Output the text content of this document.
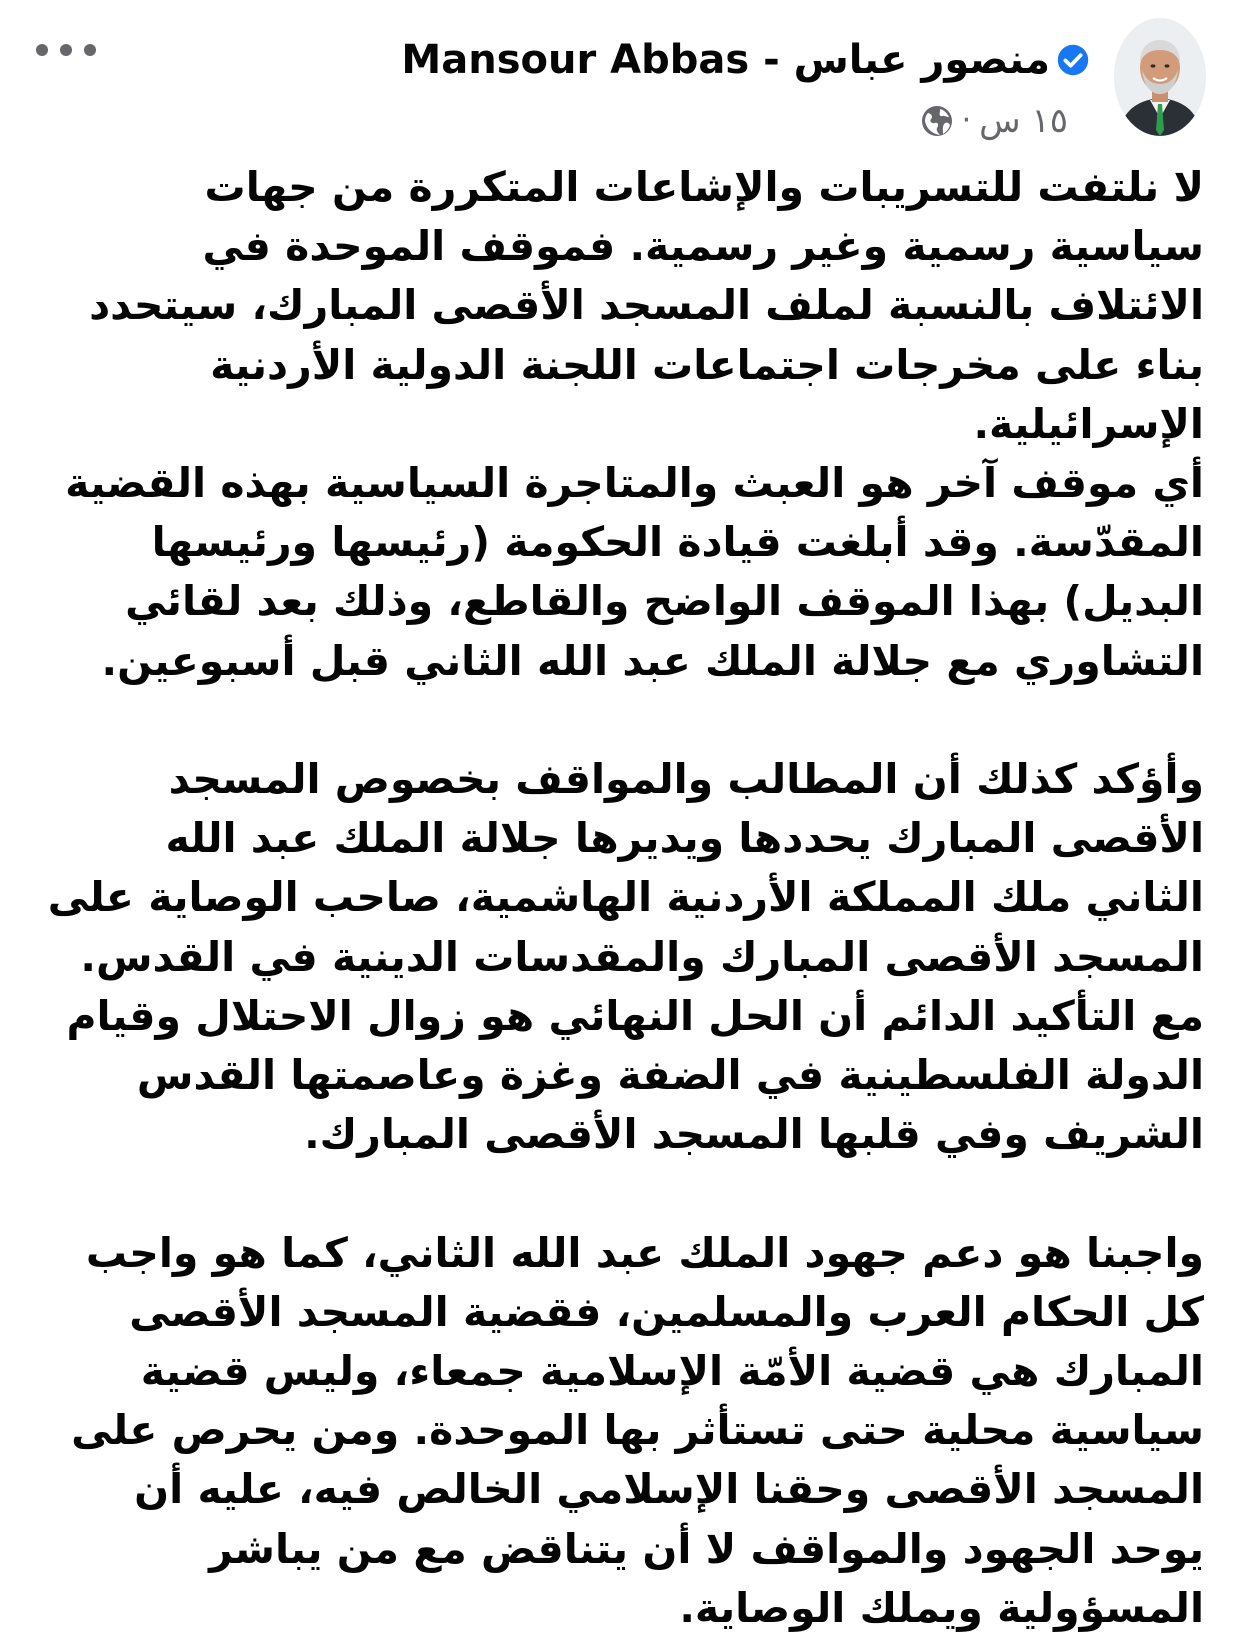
Mansour Abbas - منصور عباس
١٥ س
·

لا نلتفت للتسريبات والإشاعات المتكررة من جهات سياسية رسمية وغير رسمية. فموقف الموحدة في الائتلاف بالنسبة لملف المسجد الأقصى المبارك، سيتحدد بناء على مخرجات اجتماعات اللجنة الدولية الأردنية الإسرائيلية.
أي موقف آخر هو العبث والمتاجرة السياسية بهذه القضية المقدّسة. وقد أبلغت قيادة الحكومة (رئيسها ورئيسها البديل) بهذا الموقف الواضح والقاطع، وذلك بعد لقائي التشاوري مع جلالة الملك عبد الله الثاني قبل أسبوعين.

وأؤكد كذلك أن المطالب والمواقف بخصوص المسجد الأقصى المبارك يحددها ويديرها جلالة الملك عبد الله الثاني ملك المملكة الأردنية الهاشمية، صاحب الوصاية على المسجد الأقصى المبارك والمقدسات الدينية في القدس. مع التأكيد الدائم أن الحل النهائي هو زوال الاحتلال وقيام الدولة الفلسطينية في الضفة وغزة وعاصمتها القدس الشريف وفي قلبها المسجد الأقصى المبارك.

واجبنا هو دعم جهود الملك عبد الله الثاني، كما هو واجب كل الحكام العرب والمسلمين، فقضية المسجد الأقصى المبارك هي قضية الأمّة الإسلامية جمعاء، وليس قضية سياسية محلية حتى تستأثر بها الموحدة. ومن يحرص على المسجد الأقصى وحقنا الإسلامي الخالص فيه، عليه أن يوحد الجهود والمواقف لا أن يتناقض مع من يباشر المسؤولية ويملك الوصاية.
